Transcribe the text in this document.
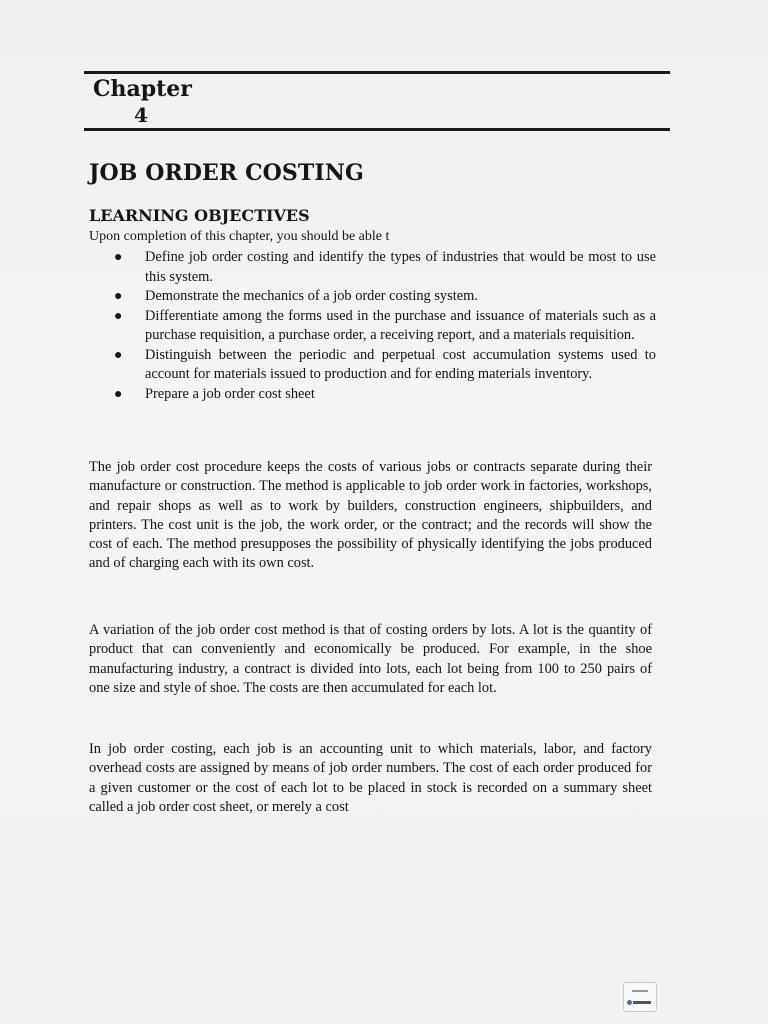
Chapter
4
JOB ORDER COSTING
LEARNING OBJECTIVES
Upon completion of this chapter, you should be able t
● Define job order costing and identify the types of industries that would be most to use this system.
● Demonstrate the mechanics of a job order costing system.
● Differentiate among the forms used in the purchase and issuance of materials such as a purchase requisition, a purchase order, a receiving report, and a materials requisition.
● Distinguish between the periodic and perpetual cost accumulation systems used to account for materials issued to production and for ending materials inventory.
● Prepare a job order cost sheet

The job order cost procedure keeps the costs of various jobs or contracts separate during their manufacture or construction. The method is applicable to job order work in factories, workshops, and repair shops as well as to work by builders, construction engineers, shipbuilders, and printers. The cost unit is the job, the work order, or the contract; and the records will show the cost of each. The method presupposes the possibility of physically identifying the jobs produced and of charging each with its own cost.

A variation of the job order cost method is that of costing orders by lots. A lot is the quantity of product that can conveniently and economically be produced. For example, in the shoe manufacturing industry, a contract is divided into lots, each lot being from 100 to 250 pairs of one size and style of shoe. The costs are then accumulated for each lot.

In job order costing, each job is an accounting unit to which materials, labor, and factory overhead costs are assigned by means of job order numbers. The cost of each order produced for a given customer or the cost of each lot to be placed in stock is recorded on a summary sheet called a job order cost sheet, or merely a cost
